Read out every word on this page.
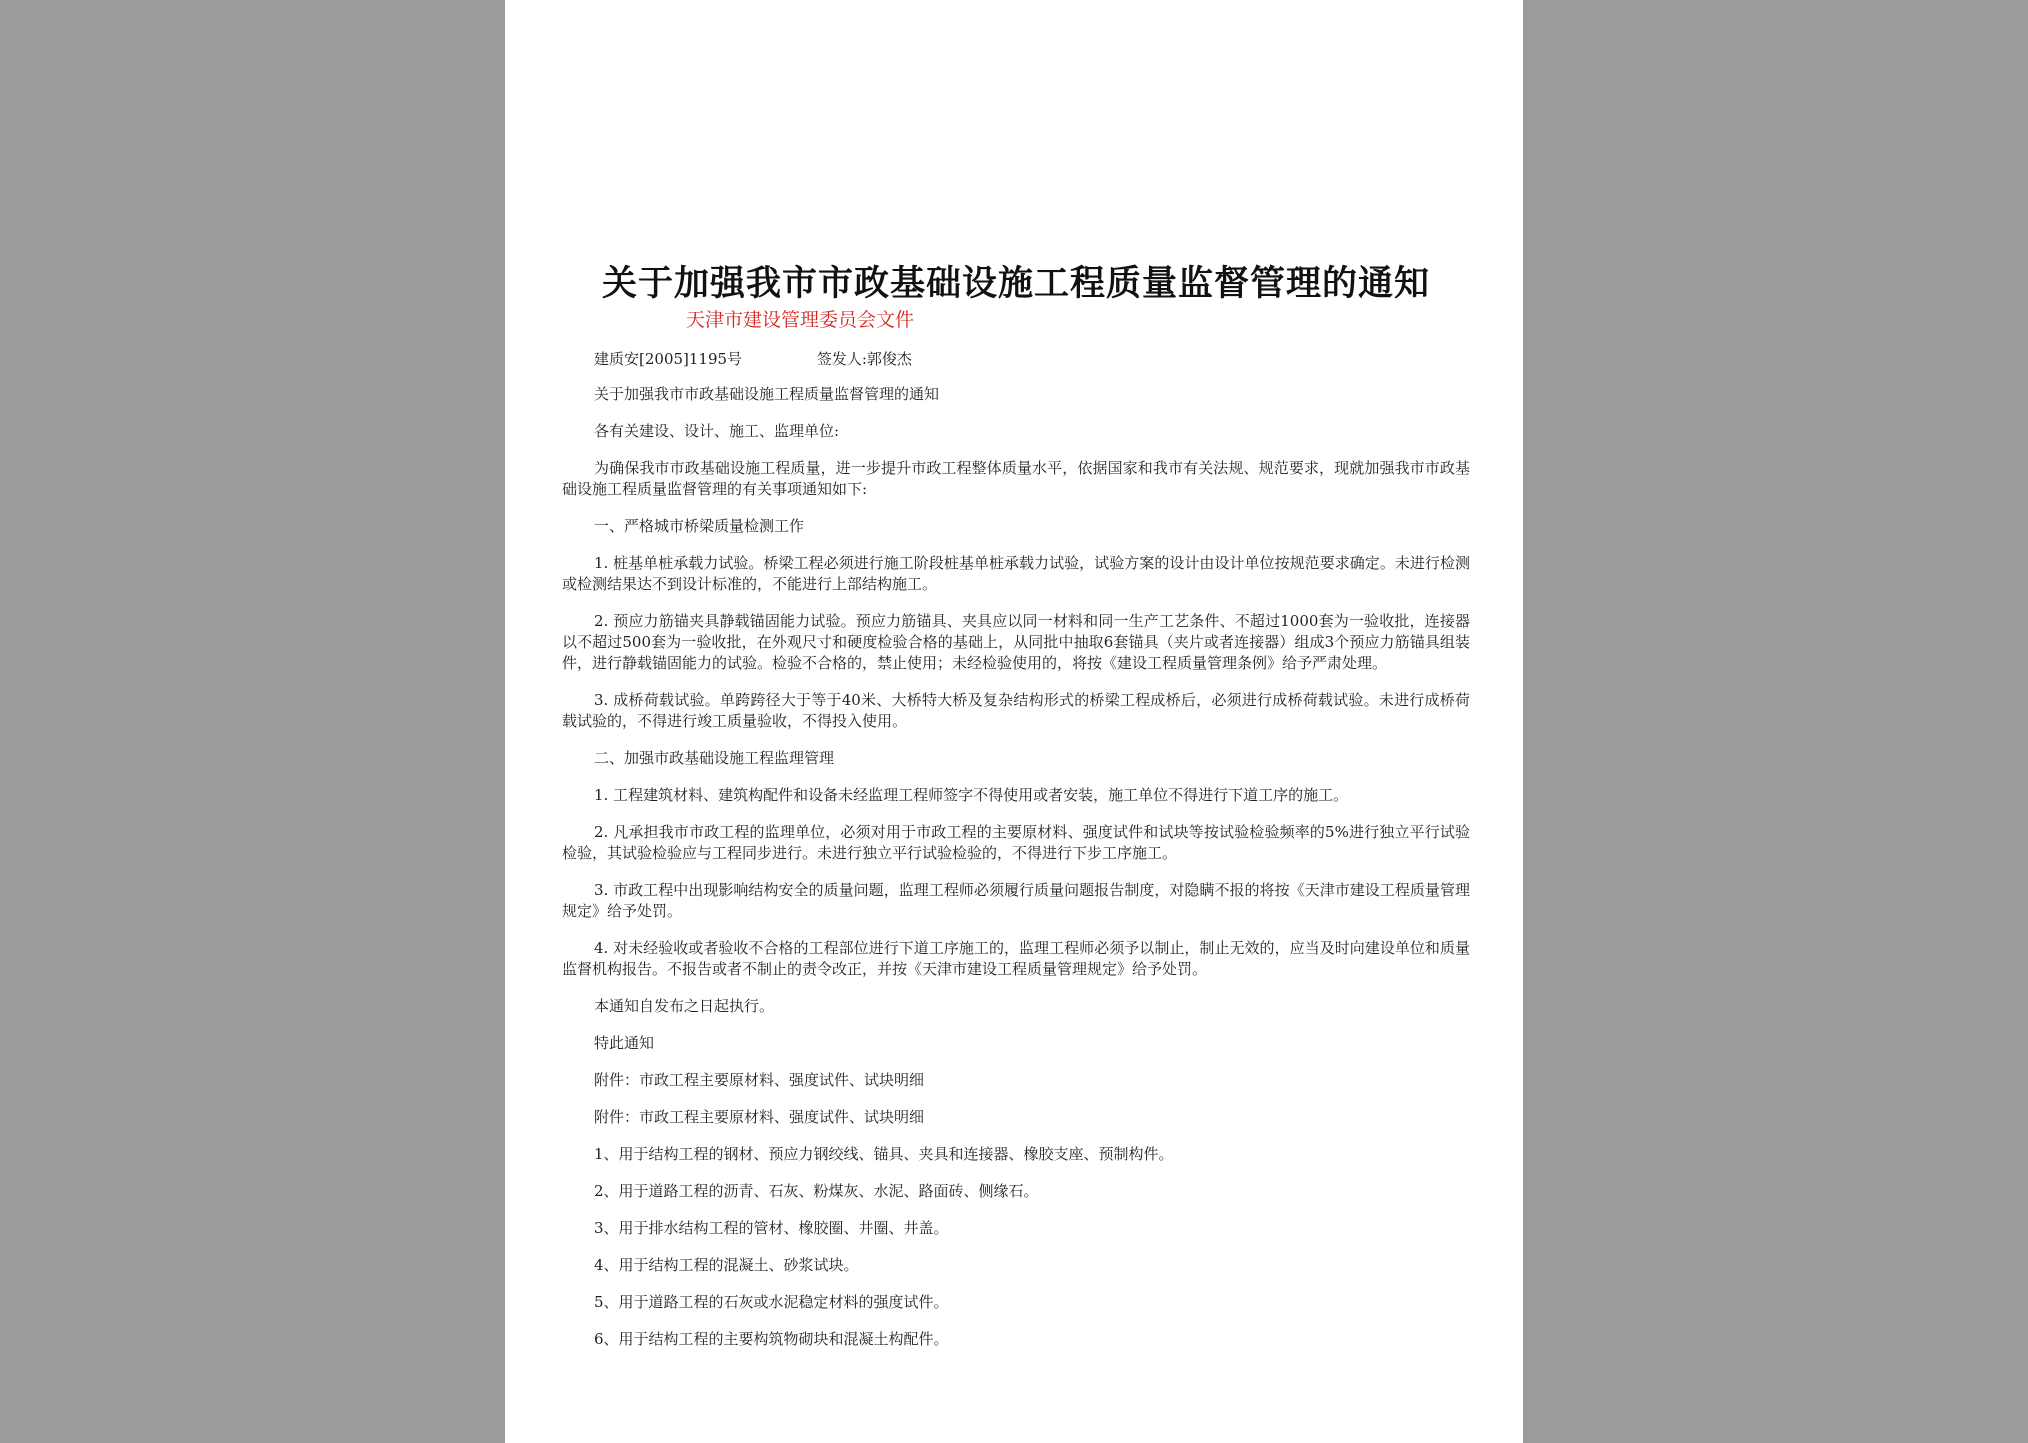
关于加强我市市政基础设施工程质量监督管理的通知
天津市建设管理委员会文件
建质安[2005]1195号	签发人:郭俊杰

关于加强我市市政基础设施工程质量监督管理的通知

各有关建设、设计、施工、监理单位:

为确保我市市政基础设施工程质量，进一步提升市政工程整体质量水平，依据国家和我市有关法规、规范要求，现就加强我市市政基础设施工程质量监督管理的有关事项通知如下:

一、严格城市桥梁质量检测工作

1. 桩基单桩承载力试验。桥梁工程必须进行施工阶段桩基单桩承载力试验，试验方案的设计由设计单位按规范要求确定。未进行检测或检测结果达不到设计标准的，不能进行上部结构施工。

2. 预应力筋锚夹具静载锚固能力试验。预应力筋锚具、夹具应以同一材料和同一生产工艺条件、不超过1000套为一验收批，连接器以不超过500套为一验收批，在外观尺寸和硬度检验合格的基础上，从同批中抽取6套锚具（夹片或者连接器）组成3个预应力筋锚具组装件，进行静载锚固能力的试验。检验不合格的，禁止使用；未经检验使用的，将按《建设工程质量管理条例》给予严肃处理。

3. 成桥荷载试验。单跨跨径大于等于40米、大桥特大桥及复杂结构形式的桥梁工程成桥后，必须进行成桥荷载试验。未进行成桥荷载试验的，不得进行竣工质量验收，不得投入使用。

二、加强市政基础设施工程监理管理

1. 工程建筑材料、建筑构配件和设备未经监理工程师签字不得使用或者安装，施工单位不得进行下道工序的施工。

2. 凡承担我市市政工程的监理单位，必须对用于市政工程的主要原材料、强度试件和试块等按试验检验频率的5%进行独立平行试验检验，其试验检验应与工程同步进行。未进行独立平行试验检验的，不得进行下步工序施工。

3. 市政工程中出现影响结构安全的质量问题，监理工程师必须履行质量问题报告制度，对隐瞒不报的将按《天津市建设工程质量管理规定》给予处罚。

4. 对未经验收或者验收不合格的工程部位进行下道工序施工的，监理工程师必须予以制止，制止无效的，应当及时向建设单位和质量监督机构报告。不报告或者不制止的责令改正，并按《天津市建设工程质量管理规定》给予处罚。

本通知自发布之日起执行。

特此通知

附件：市政工程主要原材料、强度试件、试块明细

附件：市政工程主要原材料、强度试件、试块明细

1、用于结构工程的钢材、预应力钢绞线、锚具、夹具和连接器、橡胶支座、预制构件。

2、用于道路工程的沥青、石灰、粉煤灰、水泥、路面砖、侧缘石。

3、用于排水结构工程的管材、橡胶圈、井圈、井盖。

4、用于结构工程的混凝土、砂浆试块。

5、用于道路工程的石灰或水泥稳定材料的强度试件。

6、用于结构工程的主要构筑物砌块和混凝土构配件。
